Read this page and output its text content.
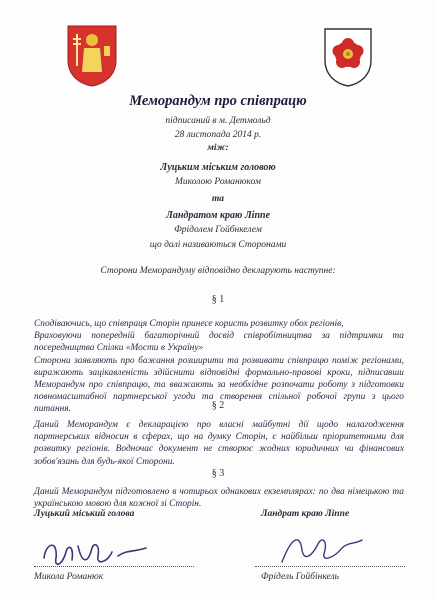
Меморандум про співпрацю
підписаний в м. Детмольд
28 листопада 2014 р.
між:
Луцьким міським головою
Миколою Романюком
та
Ландратом краю Ліппе
Фрідолем Гойбнкелем
що далі називаються Сторонами
Сторони Меморандуму відповідно декларують наступне:
§ 1

Сподіваючись, що співпраця Сторін принесе користь розвитку обох регіонів,

Враховуючи попередній багаторічний досвід співробітництва за підтримки та посередництва Спілки «Мости в Україну»

Сторони заявляють про бажання розширити та розвивати співпрацю поміж регіонами, виражають зацікавленість здійснити відповідні формально-правові кроки, підписавши Меморандум про співпрацю, та вважають за необхідне розпочати роботу з підготовки повномасштабної партнерської угоди та створення спільної робочої групи з цього питання.	§ 2

Даний Меморандум є декларацією про власні майбутні дії щодо налагодження партнерських відносин в сферах, що на думку Сторін, є найбільш пріоритетними для розвитку регіонів. Водночас документ не створює жодних юридичних чи фінансових зобов'язань для будь-якої Сторони.

§ 3

Даний Меморандум підготовлено в чотирьох однакових екземплярах: по два німецькою та українською мовою для кожної зі Сторін.

Луцький міський голова	Ландрат краю Ліппе
Микола Романюк	Фрідель Гойбінкель
